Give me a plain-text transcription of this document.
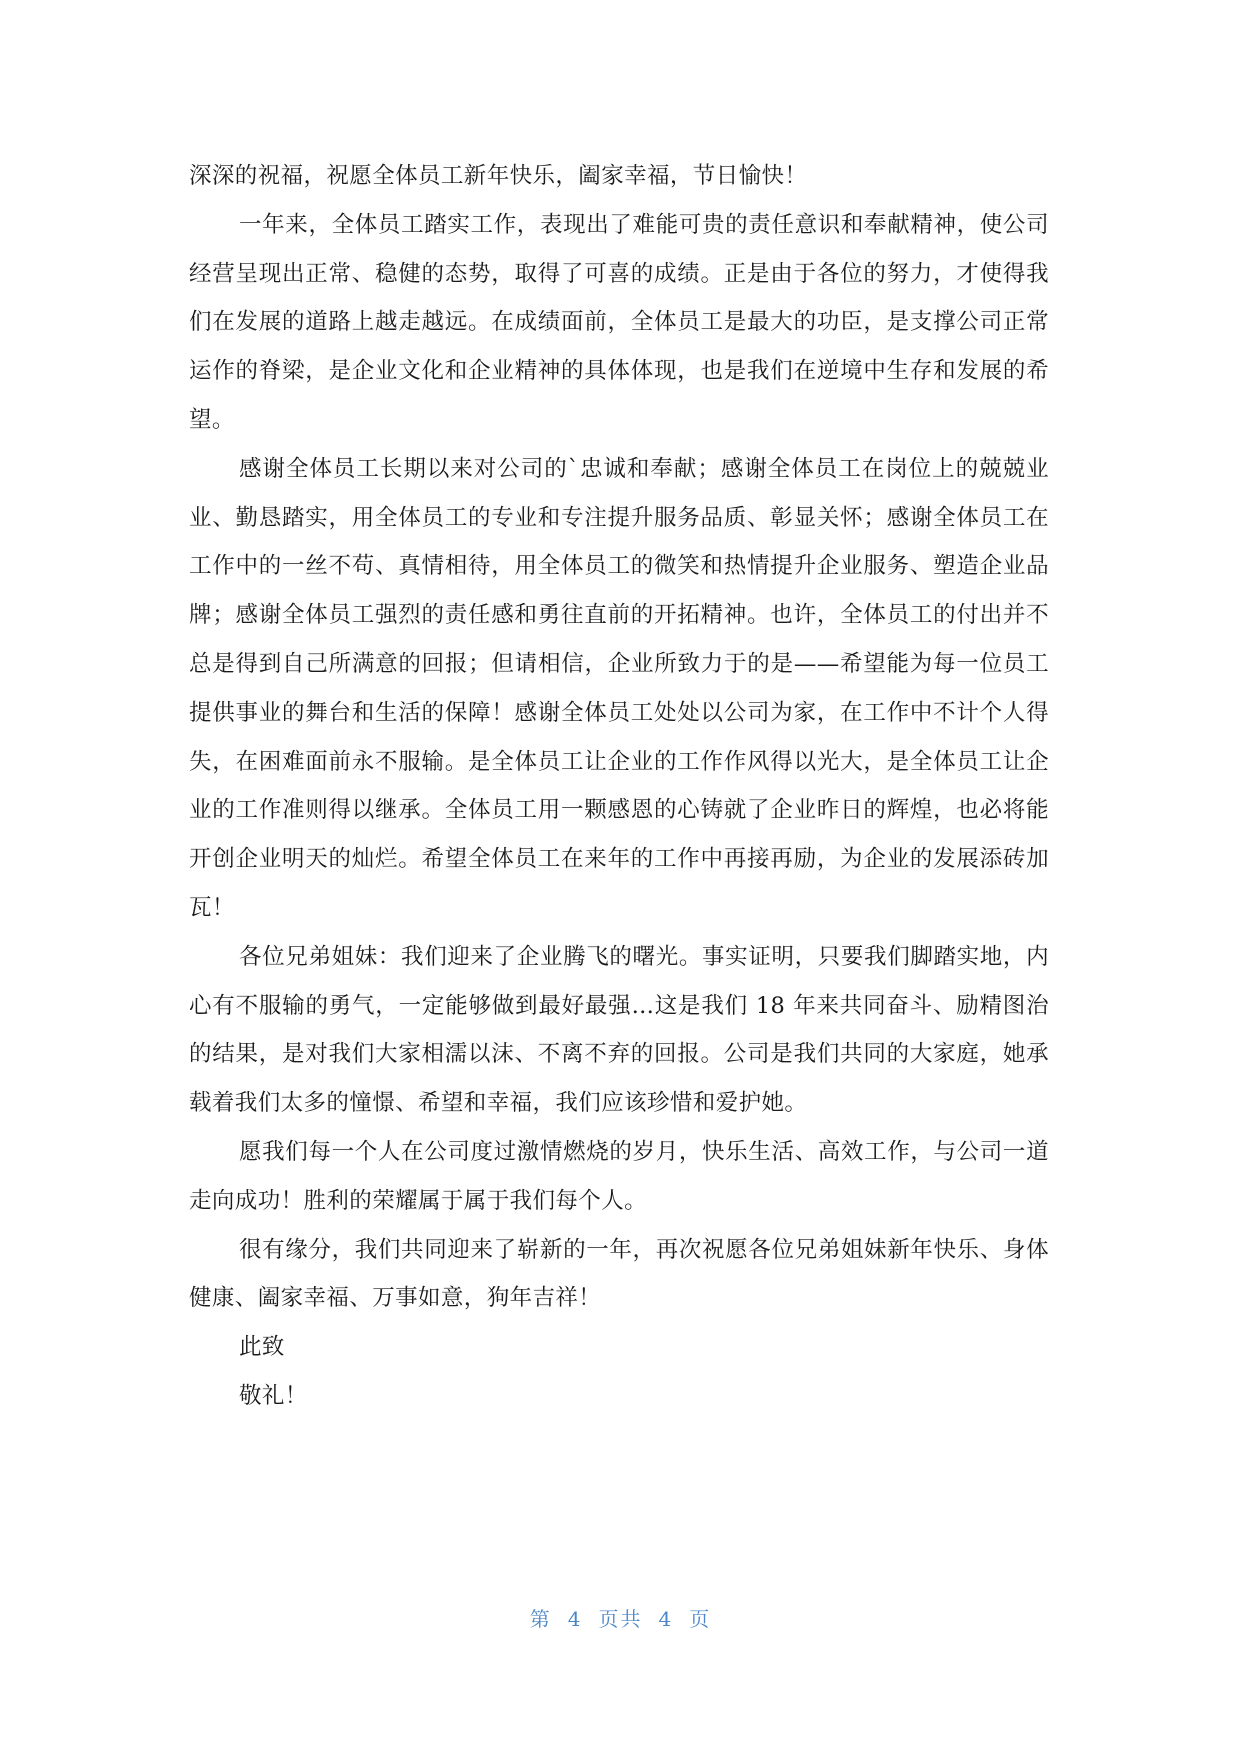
深深的祝福，祝愿全体员工新年快乐，阖家幸福，节日愉快！

一年来，全体员工踏实工作，表现出了难能可贵的责任意识和奉献精神，使公司经营呈现出正常、稳健的态势，取得了可喜的成绩。正是由于各位的努力，才使得我们在发展的道路上越走越远。在成绩面前，全体员工是最大的功臣，是支撑公司正常运作的脊梁，是企业文化和企业精神的具体体现，也是我们在逆境中生存和发展的希望。

感谢全体员工长期以来对公司的`忠诚和奉献；感谢全体员工在岗位上的兢兢业业、勤恳踏实，用全体员工的专业和专注提升服务品质、彰显关怀；感谢全体员工在工作中的一丝不苟、真情相待，用全体员工的微笑和热情提升企业服务、塑造企业品牌；感谢全体员工强烈的责任感和勇往直前的开拓精神。也许，全体员工的付出并不总是得到自己所满意的回报；但请相信，企业所致力于的是——希望能为每一位员工提供事业的舞台和生活的保障！感谢全体员工处处以公司为家，在工作中不计个人得失，在困难面前永不服输。是全体员工让企业的工作作风得以光大，是全体员工让企业的工作准则得以继承。全体员工用一颗感恩的心铸就了企业昨日的辉煌，也必将能开创企业明天的灿烂。希望全体员工在来年的工作中再接再励，为企业的发展添砖加瓦！

各位兄弟姐妹：我们迎来了企业腾飞的曙光。事实证明，只要我们脚踏实地，内心有不服输的勇气，一定能够做到最好最强…这是我们 18 年来共同奋斗、励精图治的结果，是对我们大家相濡以沫、不离不弃的回报。公司是我们共同的大家庭，她承载着我们太多的憧憬、希望和幸福，我们应该珍惜和爱护她。

愿我们每一个人在公司度过激情燃烧的岁月，快乐生活、高效工作，与公司一道走向成功！胜利的荣耀属于属于我们每个人。

很有缘分，我们共同迎来了崭新的一年，再次祝愿各位兄弟姐妹新年快乐、身体健康、阖家幸福、万事如意，狗年吉祥！

此致

敬礼！

第 4 页共 4 页
